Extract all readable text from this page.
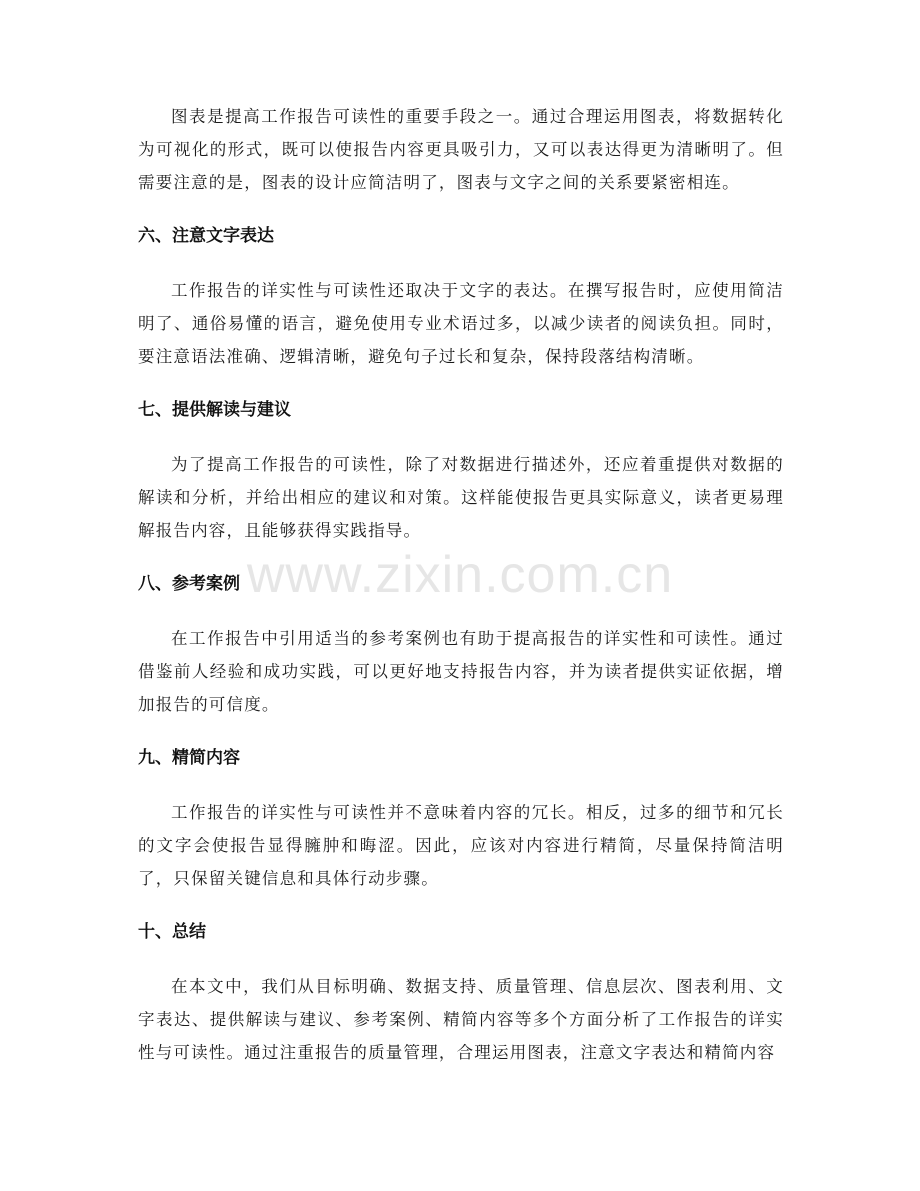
图表是提高工作报告可读性的重要手段之一。通过合理运用图表，将数据转化为可视化的形式，既可以使报告内容更具吸引力，又可以表达得更为清晰明了。但需要注意的是，图表的设计应简洁明了，图表与文字之间的关系要紧密相连。

六、注意文字表达

工作报告的详实性与可读性还取决于文字的表达。在撰写报告时，应使用简洁明了、通俗易懂的语言，避免使用专业术语过多，以减少读者的阅读负担。同时，要注意语法准确、逻辑清晰，避免句子过长和复杂，保持段落结构清晰。

七、提供解读与建议

为了提高工作报告的可读性，除了对数据进行描述外，还应着重提供对数据的解读和分析，并给出相应的建议和对策。这样能使报告更具实际意义，读者更易理解报告内容，且能够获得实践指导。

八、参考案例

在工作报告中引用适当的参考案例也有助于提高报告的详实性和可读性。通过借鉴前人经验和成功实践，可以更好地支持报告内容，并为读者提供实证依据，增加报告的可信度。

九、精简内容

工作报告的详实性与可读性并不意味着内容的冗长。相反，过多的细节和冗长的文字会使报告显得臃肿和晦涩。因此，应该对内容进行精简，尽量保持简洁明了，只保留关键信息和具体行动步骤。

十、总结

在本文中，我们从目标明确、数据支持、质量管理、信息层次、图表利用、文字表达、提供解读与建议、参考案例、精简内容等多个方面分析了工作报告的详实性与可读性。通过注重报告的质量管理，合理运用图表，注意文字表达和精简内容

www.zixin.com.cn
